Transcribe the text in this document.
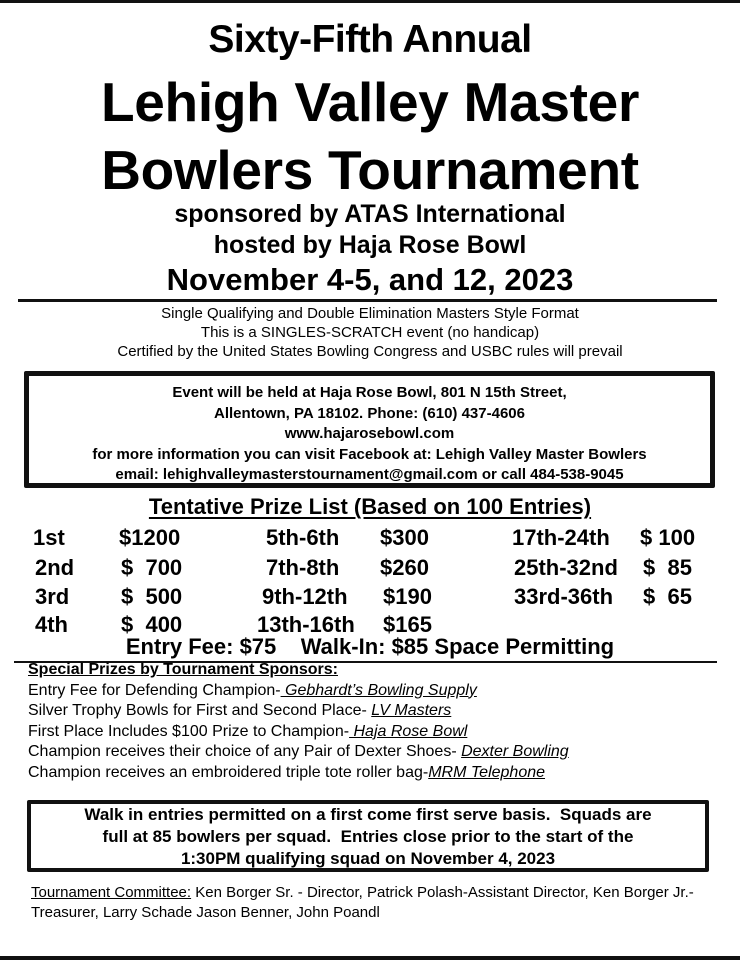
Sixty-Fifth Annual
Lehigh Valley Master
Bowlers Tournament
sponsored by ATAS International
hosted by Haja Rose Bowl
November 4-5, and 12, 2023
Single Qualifying and Double Elimination Masters Style Format
This is a SINGLES-SCRATCH event (no handicap)
Certified by the United States Bowling Congress and USBC rules will prevail
Event will be held at Haja Rose Bowl, 801 N 15th Street,
Allentown, PA 18102. Phone: (610) 437-4606
www.hajarosebowl.com
for more information you can visit Facebook at: Lehigh Valley Master Bowlers
email: lehighvalleymasterstournament@gmail.com or call 484-538-9045
Tentative Prize List (Based on 100 Entries)
1st $1200
2nd $  700
3rd $  500
4th $  400
5th-6th $300
7th-8th $260
9th-12th $190
13th-16th $165
17th-24th $ 100
25th-32nd $  85
33rd-36th $  65
Entry Fee: $75    Walk-In: $85 Space Permitting
Special Prizes by Tournament Sponsors:
Entry Fee for Defending Champion- Gebhardt’s Bowling Supply
Silver Trophy Bowls for First and Second Place- LV Masters
First Place Includes $100 Prize to Champion- Haja Rose Bowl
Champion receives their choice of any Pair of Dexter Shoes- Dexter Bowling
Champion receives an embroidered triple tote roller bag-MRM Telephone
Walk in entries permitted on a first come first serve basis.  Squads are
full at 85 bowlers per squad.  Entries close prior to the start of the
1:30PM qualifying squad on November 4, 2023
Tournament Committee: Ken Borger Sr. - Director, Patrick Polash-Assistant Director, Ken Borger Jr.-Treasurer, Larry Schade Jason Benner, John Poandl
